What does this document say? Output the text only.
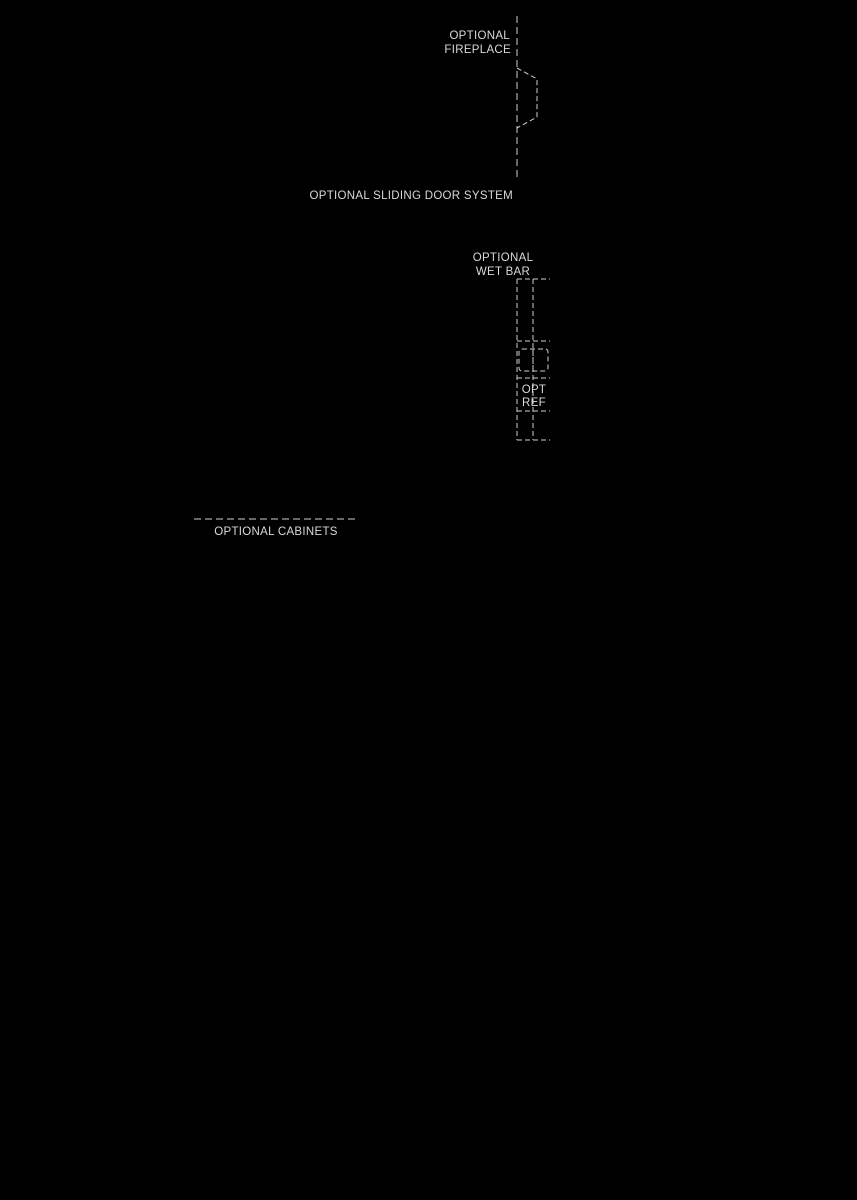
OPTIONAL
FIREPLACE
OPTIONAL SLIDING DOOR SYSTEM
OPTIONAL
WET BAR
OPT
REF
OPTIONAL CABINETS
